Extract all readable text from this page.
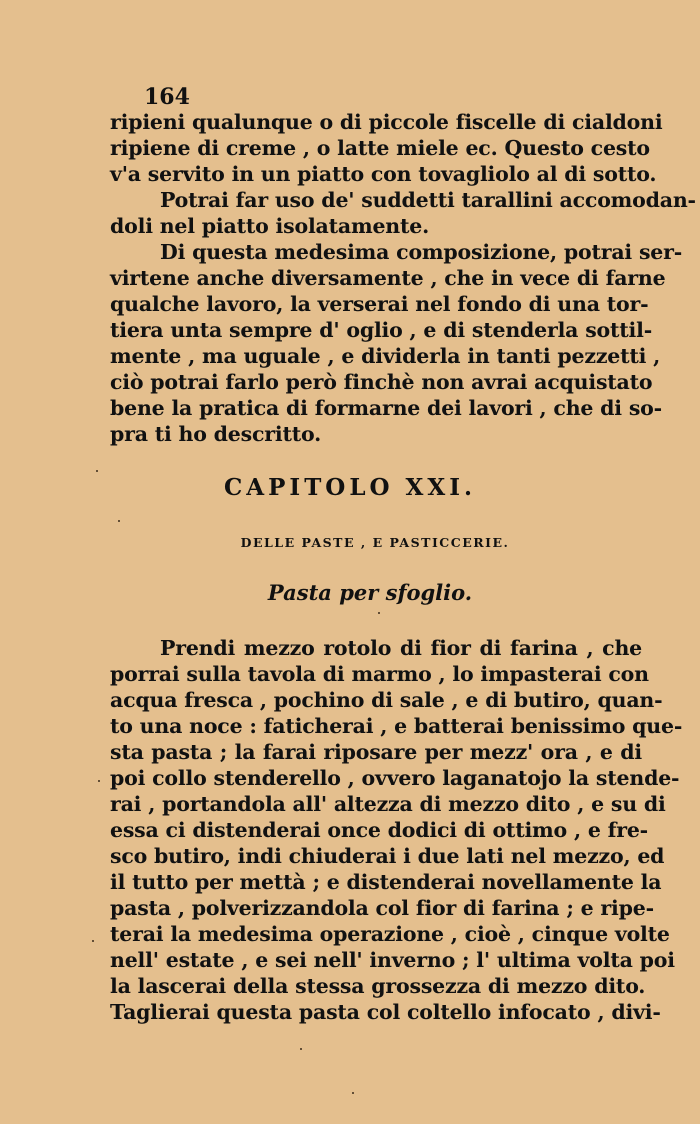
164
ripieni qualunque o di piccole fiscelle di cialdoni
ripiene di creme , o latte miele ec. Questo cesto
v'a servito in un piatto con tovagliolo al di sotto.
Potrai far uso de' suddetti tarallini accomodan-
doli nel piatto isolatamente.
Di questa medesima composizione, potrai ser-
virtene anche diversamente , che in vece di farne
qualche lavoro, la verserai nel fondo di una tor-
tiera unta sempre d' oglio , e di stenderla sottil-
mente , ma uguale , e dividerla in tanti pezzetti ,
ciò potrai farlo però finchè non avrai acquistato
bene la pratica di formarne dei lavori , che di so-
pra ti ho descritto.
CAPITOLO XXI.
DELLE PASTE , E PASTICCERIE.
Pasta per sfoglio.
Prendi mezzo rotolo di fior di farina , che
porrai sulla tavola di marmo , lo impasterai con
acqua fresca , pochino di sale , e di butiro, quan-
to una noce : faticherai , e batterai benissimo que-
sta pasta ; la farai riposare per mezz' ora , e di
poi collo stenderello , ovvero laganatojo la stende-
rai , portandola all' altezza di mezzo dito , e su di
essa ci distenderai once dodici di ottimo , e fre-
sco butiro, indi chiuderai i due lati nel mezzo, ed
il tutto per mettà ; e distenderai novellamente la
pasta , polverizzandola col fior di farina ; e ripe-
terai la medesima operazione , cioè , cinque volte
nell' estate , e sei nell' inverno ; l' ultima volta poi
la lascerai della stessa grossezza di mezzo dito.
Taglierai questa pasta col coltello infocato , divi-
